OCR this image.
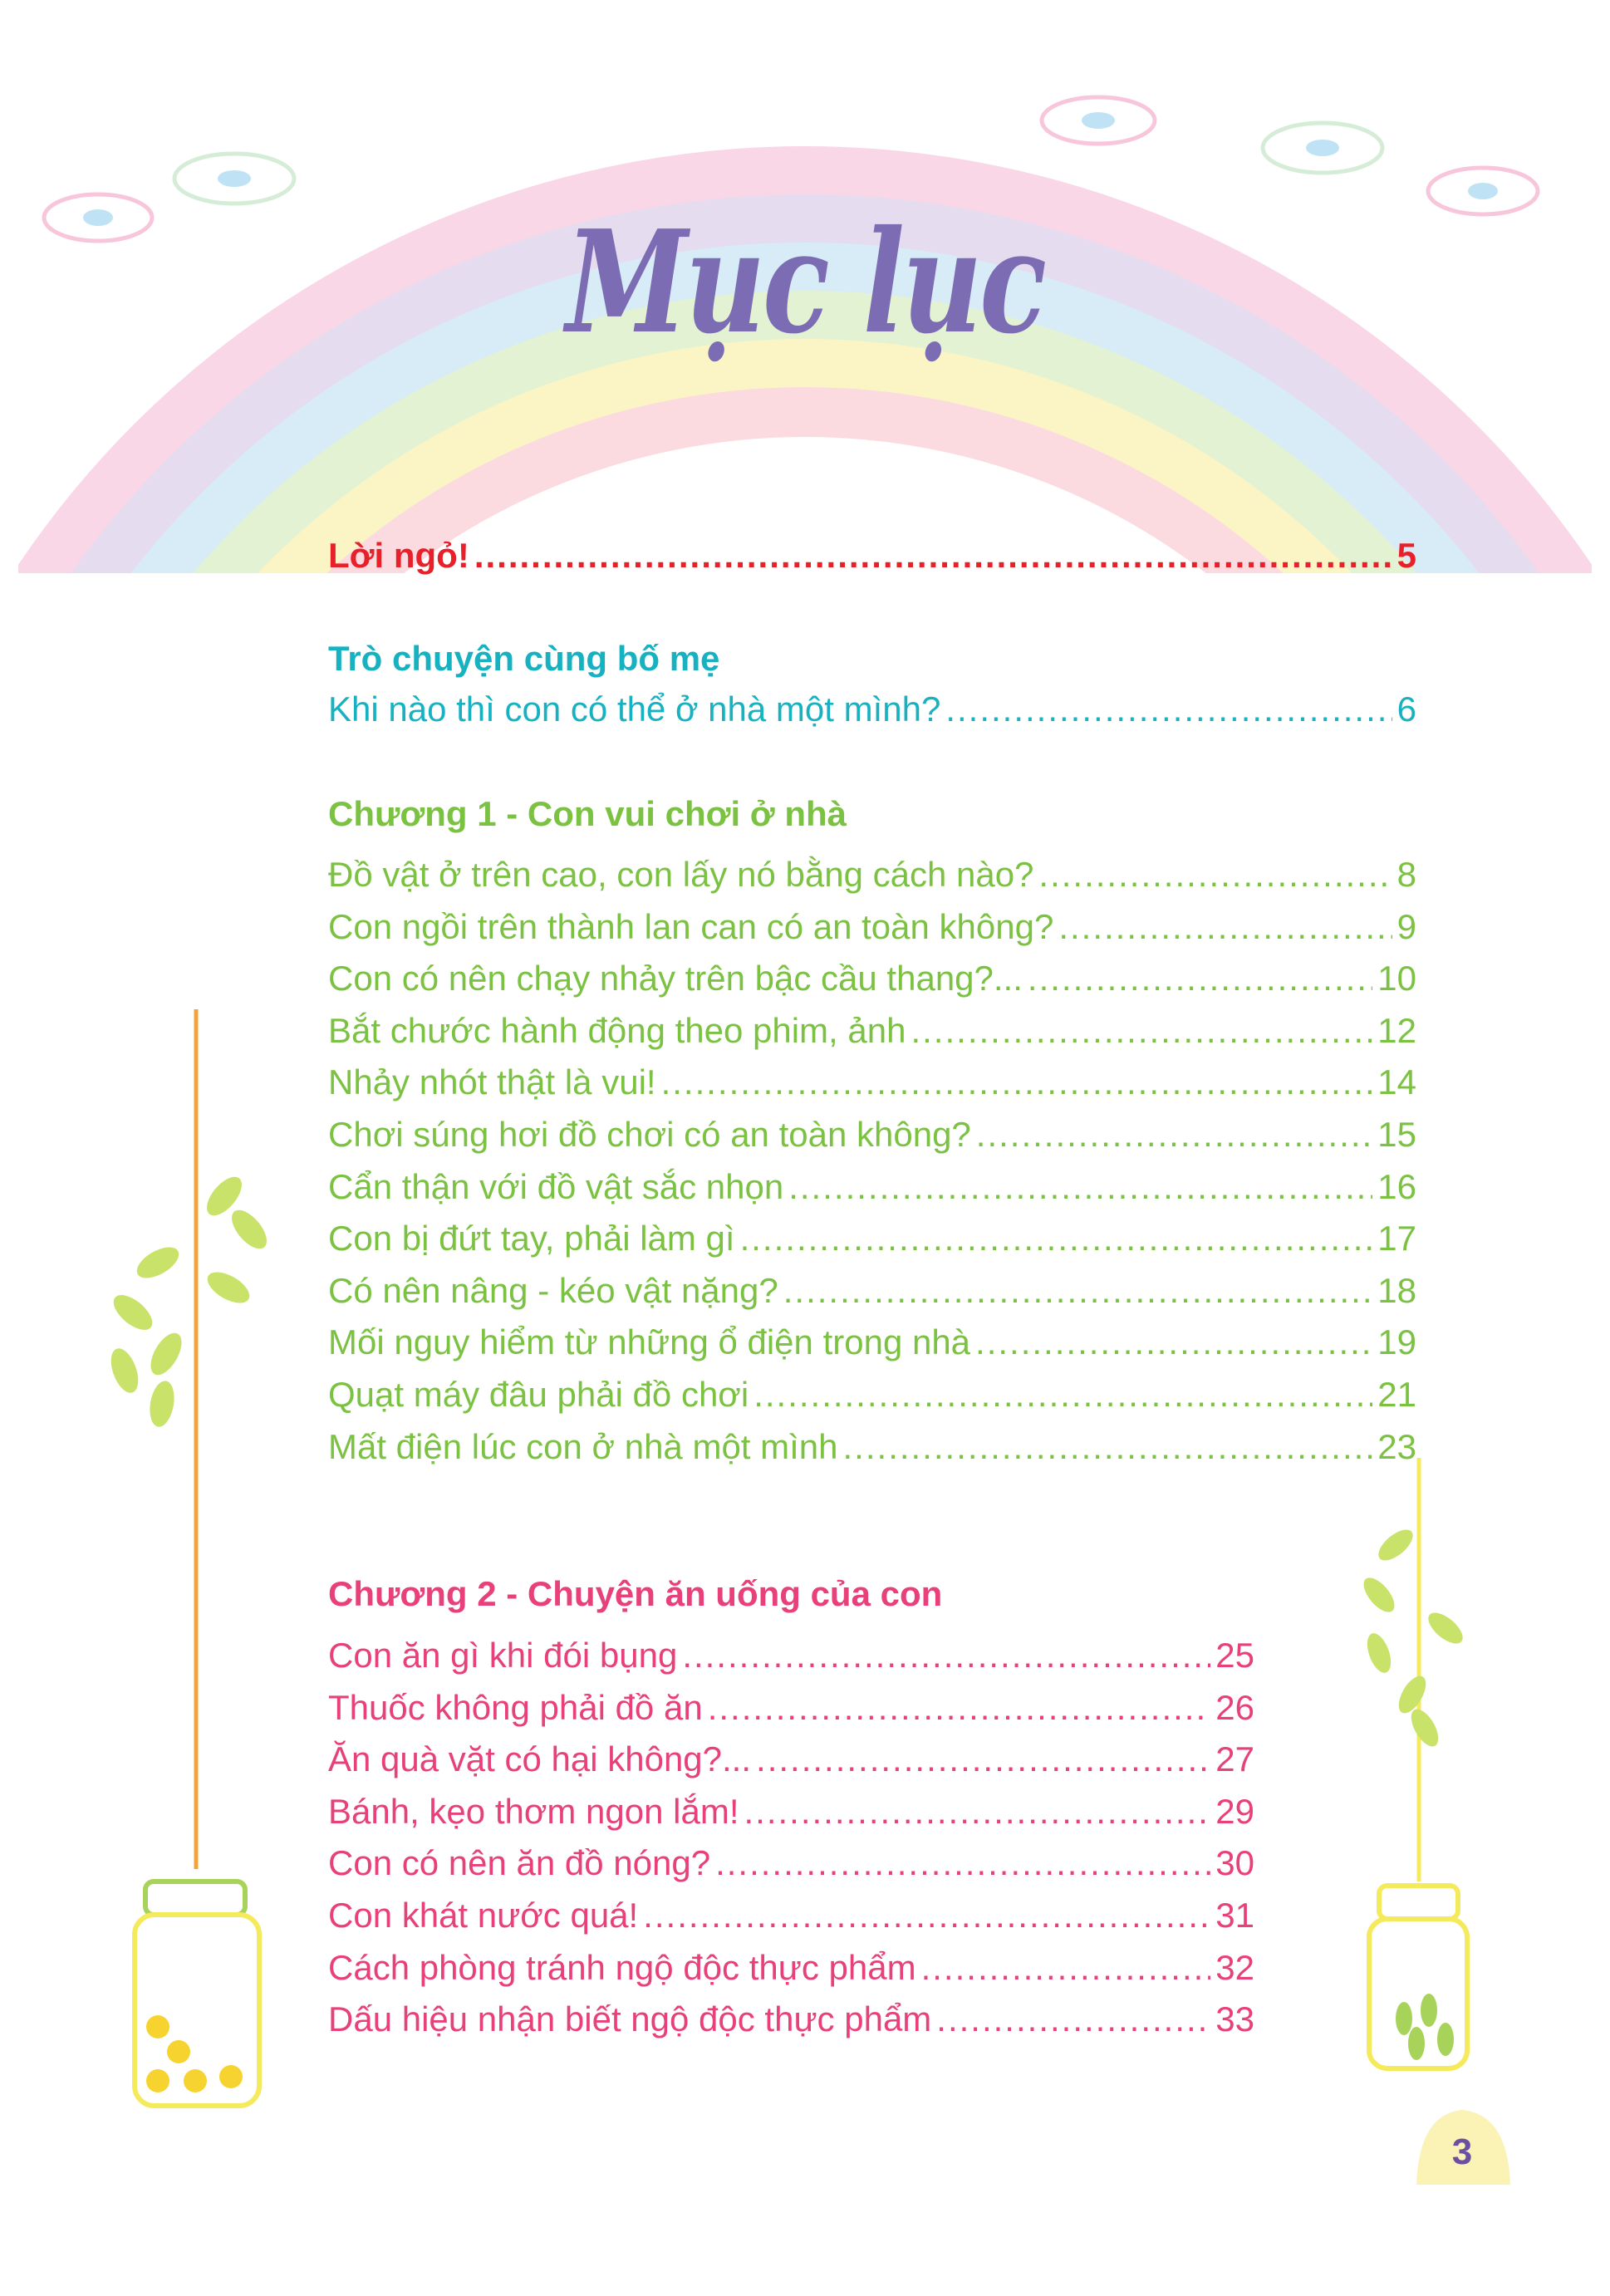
Mục lục
Lời ngỏ! .....	5
Trò chuyện cùng bố mẹ
Khi nào thì con có thể ở nhà một mình? .....	6
Chương 1 - Con vui chơi ở nhà
Đồ vật ở trên cao, con lấy nó bằng cách nào? .....	8
Con ngồi trên thành lan can có an toàn không? .....	9
Con có nên chạy nhảy trên bậc cầu thang?... .....	10
Bắt chước hành động theo phim, ảnh .....	12
Nhảy nhót thật là vui! .....	14
Chơi súng hơi đồ chơi có an toàn không? .....	15
Cẩn thận với đồ vật sắc nhọn .....	16
Con bị đứt tay, phải làm gì .....	17
Có nên nâng - kéo vật nặng? .....	18
Mối nguy hiểm từ những ổ điện trong nhà .....	19
Quạt máy đâu phải đồ chơi .....	21
Mất điện lúc con ở nhà một mình .....	23
Chương 2 - Chuyện ăn uống của con
Con ăn gì khi đói bụng .....	25
Thuốc không phải đồ ăn .....	26
Ăn quà vặt có hại không?... .....	27
Bánh, kẹo thơm ngon lắm! .....	29
Con có nên ăn đồ nóng? .....	30
Con khát nước quá! .....	31
Cách phòng tránh ngộ độc thực phẩm .....	32
Dấu hiệu nhận biết ngộ độc thực phẩm .....	33
3
